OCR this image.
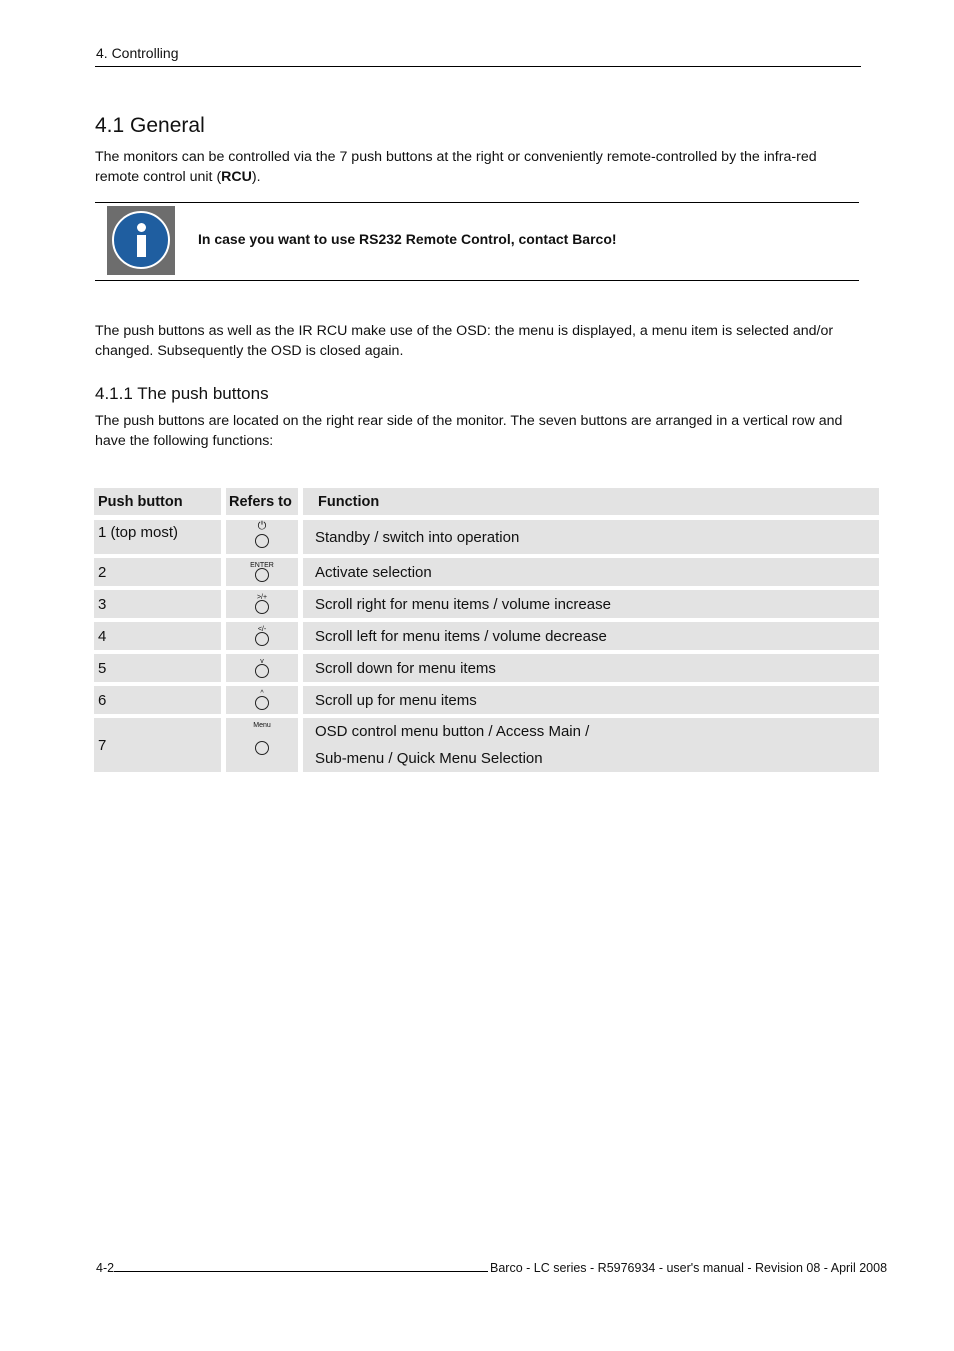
4. Controlling
4.1 General
The monitors can be controlled via the 7 push buttons at the right or conveniently remote-controlled by the infra-red remote control unit (RCU).
In case you want to use RS232 Remote Control, contact Barco!
The push buttons as well as the IR RCU make use of the OSD: the menu is displayed, a menu item is selected and/or changed. Subsequently the OSD is closed again.
4.1.1 The push buttons
The push buttons are located on the right rear side of the monitor. The seven buttons are arranged in a vertical row and have the following functions:
Push button		Refers to		Function

1 (top most)		⏻		Standby / switch into operation

2		ENTER		Activate selection

3		>/+		Scroll right for menu items / volume increase

4		</-		Scroll left for menu items / volume decrease

5		v		Scroll down for menu items

6		^		Scroll up for menu items

7		Menu		OSD control menu button / Access Main /
Sub-menu / Quick Menu Selection
4-2	Barco - LC series - R5976934 - user's manual - Revision 08 - April 2008
